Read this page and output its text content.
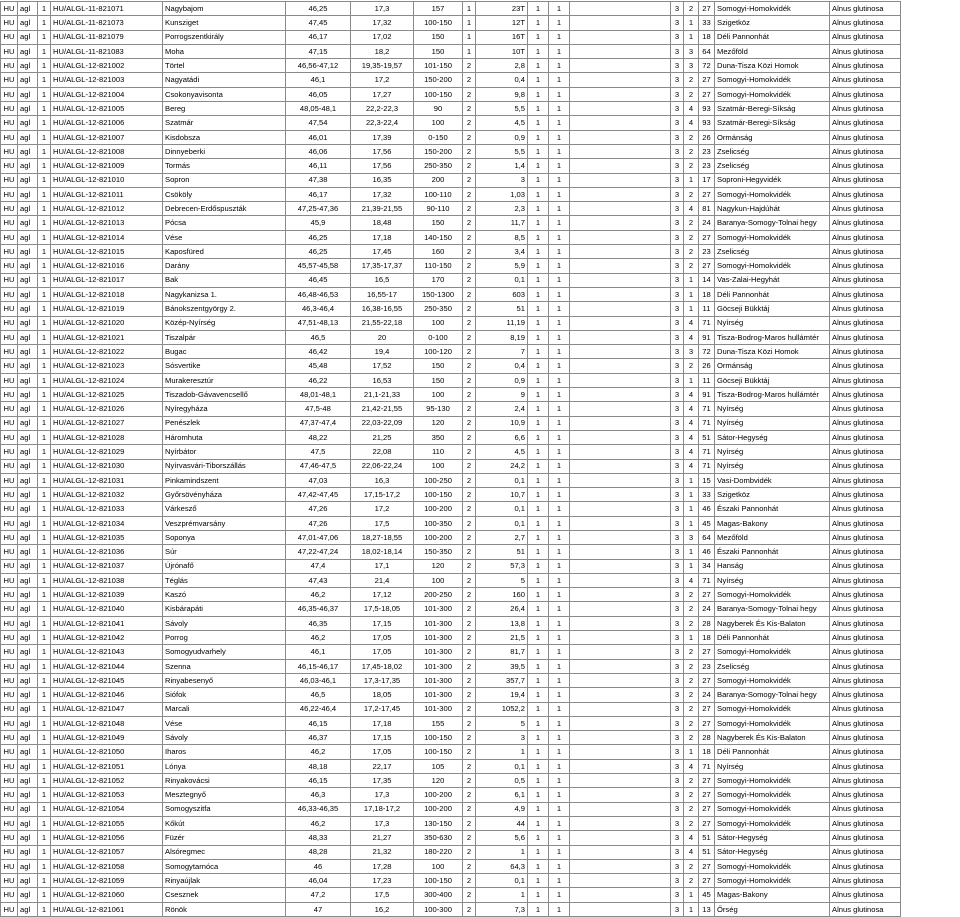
HU	agl	1	HU/ALGL-11-821071	Nagybajom	46,25	17,3	157	1	23T	1	1		3	2	27	Somogyi-Homokvidék	Alnus glutinosa
HU	agl	1	HU/ALGL-11-821073	Kunsziget	47,45	17,32	100-150	1	12T	1	1		3	1	33	Szigetköz	Alnus glutinosa
HU	agl	1	HU/ALGL-11-821079	Porrogszentkirály	46,17	17,02	150	1	16T	1	1		3	1	18	Déli Pannonhát	Alnus glutinosa
HU	agl	1	HU/ALGL-11-821083	Moha	47,15	18,2	150	1	10T	1	1		3	3	64	Mezőföld	Alnus glutinosa
HU	agl	1	HU/ALGL-12-821002	Törtel	46,56-47,12	19,35-19,57	101-150	2	2,8	1	1		3	3	72	Duna-Tisza Közi Homok	Alnus glutinosa
HU	agl	1	HU/ALGL-12-821003	Nagyatádi	46,1	17,2	150-200	2	0,4	1	1		3	2	27	Somogyi-Homokvidék	Alnus glutinosa
HU	agl	1	HU/ALGL-12-821004	Csokonyavisonta	46,05	17,27	100-150	2	9,8	1	1		3	2	27	Somogyi-Homokvidék	Alnus glutinosa
HU	agl	1	HU/ALGL-12-821005	Bereg	48,05-48,1	22,2-22,3	90	2	5,5	1	1		3	4	93	Szatmár-Beregi-Síkság	Alnus glutinosa
HU	agl	1	HU/ALGL-12-821006	Szatmár	47,54	22,3-22,4	100	2	4,5	1	1		3	4	93	Szatmár-Beregi-Síkság	Alnus glutinosa
HU	agl	1	HU/ALGL-12-821007	Kisdobsza	46,01	17,39	0-150	2	0,9	1	1		3	2	26	Ormánság	Alnus glutinosa
HU	agl	1	HU/ALGL-12-821008	Dinnyeberki	46,06	17,56	150-200	2	5,5	1	1		3	2	23	Zselicség	Alnus glutinosa
HU	agl	1	HU/ALGL-12-821009	Tormás	46,11	17,56	250-350	2	1,4	1	1		3	2	23	Zselicség	Alnus glutinosa
HU	agl	1	HU/ALGL-12-821010	Sopron	47,38	16,35	200	2	3	1	1		3	1	17	Soproni-Hegyvidék	Alnus glutinosa
HU	agl	1	HU/ALGL-12-821011	Csököly	46,17	17,32	100-110	2	1,03	1	1		3	2	27	Somogyi-Homokvidék	Alnus glutinosa
HU	agl	1	HU/ALGL-12-821012	Debrecen-Erdőspuszták	47,25-47,36	21,39-21,55	90-110	2	2,3	1	1		3	4	81	Nagykun-Hajdúhát	Alnus glutinosa
HU	agl	1	HU/ALGL-12-821013	Pócsa	45,9	18,48	150	2	11,7	1	1		3	2	24	Baranya-Somogy-Tolnai hegy	Alnus glutinosa
HU	agl	1	HU/ALGL-12-821014	Vése	46,25	17,18	140-150	2	8,5	1	1		3	2	27	Somogyi-Homokvidék	Alnus glutinosa
HU	agl	1	HU/ALGL-12-821015	Kaposfüred	46,25	17,45	160	2	3,4	1	1		3	2	23	Zselicség	Alnus glutinosa
HU	agl	1	HU/ALGL-12-821016	Darány	45,57-45,58	17,35-17,37	110-150	2	5,9	1	1		3	2	27	Somogyi-Homokvidék	Alnus glutinosa
HU	agl	1	HU/ALGL-12-821017	Bak	46,45	16,5	170	2	0,1	1	1		3	1	14	Vas-Zalai-Hegyhát	Alnus glutinosa
HU	agl	1	HU/ALGL-12-821018	Nagykanizsa 1.	46,48-46,53	16,55-17	150-1300	2	603	1	1		3	1	18	Déli Pannonhát	Alnus glutinosa
HU	agl	1	HU/ALGL-12-821019	Bánokszentgyörgy 2.	46,3-46,4	16,38-16,55	250-350	2	51	1	1		3	1	11	Göcseji Bükktáj	Alnus glutinosa
HU	agl	1	HU/ALGL-12-821020	Közép-Nyírség	47,51-48,13	21,55-22,18	100	2	11,19	1	1		3	4	71	Nyírség	Alnus glutinosa
HU	agl	1	HU/ALGL-12-821021	Tiszalpár	46,5	20	0-100	2	8,19	1	1		3	4	91	Tisza-Bodrog-Maros hullámtér	Alnus glutinosa
HU	agl	1	HU/ALGL-12-821022	Bugac	46,42	19,4	100-120	2	7	1	1		3	3	72	Duna-Tisza Közi Homok	Alnus glutinosa
HU	agl	1	HU/ALGL-12-821023	Sósvertike	45,48	17,52	150	2	0,4	1	1		3	2	26	Ormánság	Alnus glutinosa
HU	agl	1	HU/ALGL-12-821024	Murakeresztúr	46,22	16,53	150	2	0,9	1	1		3	1	11	Göcseji Bükktáj	Alnus glutinosa
HU	agl	1	HU/ALGL-12-821025	Tiszadob-Gávavencsellő	48,01-48,1	21,1-21,33	100	2	9	1	1		3	4	91	Tisza-Bodrog-Maros hullámtér	Alnus glutinosa
HU	agl	1	HU/ALGL-12-821026	Nyíregyháza	47,5-48	21,42-21,55	95-130	2	2,4	1	1		3	4	71	Nyírség	Alnus glutinosa
HU	agl	1	HU/ALGL-12-821027	Penészlek	47,37-47,4	22,03-22,09	120	2	10,9	1	1		3	4	71	Nyírség	Alnus glutinosa
HU	agl	1	HU/ALGL-12-821028	Háromhuta	48,22	21,25	350	2	6,6	1	1		3	4	51	Sátor-Hegység	Alnus glutinosa
HU	agl	1	HU/ALGL-12-821029	Nyírbátor	47,5	22,08	110	2	4,5	1	1		3	4	71	Nyírség	Alnus glutinosa
HU	agl	1	HU/ALGL-12-821030	Nyírvasvári-Tiborszállás	47,46-47,5	22,06-22,24	100	2	24,2	1	1		3	4	71	Nyírség	Alnus glutinosa
HU	agl	1	HU/ALGL-12-821031	Pinkamindszent	47,03	16,3	100-250	2	0,1	1	1		3	1	15	Vasi-Dombvidék	Alnus glutinosa
HU	agl	1	HU/ALGL-12-821032	Győrsövényháza	47,42-47,45	17,15-17,2	100-150	2	10,7	1	1		3	1	33	Szigetköz	Alnus glutinosa
HU	agl	1	HU/ALGL-12-821033	Várkesző	47,26	17,2	100-200	2	0,1	1	1		3	1	46	Északi Pannonhát	Alnus glutinosa
HU	agl	1	HU/ALGL-12-821034	Veszprémvarsány	47,26	17,5	100-350	2	0,1	1	1		3	1	45	Magas-Bakony	Alnus glutinosa
HU	agl	1	HU/ALGL-12-821035	Soponya	47,01-47,06	18,27-18,55	100-200	2	2,7	1	1		3	3	64	Mezőföld	Alnus glutinosa
HU	agl	1	HU/ALGL-12-821036	Súr	47,22-47,24	18,02-18,14	150-350	2	51	1	1		3	1	46	Északi Pannonhát	Alnus glutinosa
HU	agl	1	HU/ALGL-12-821037	Újrónafő	47,4	17,1	120	2	57,3	1	1		3	1	34	Hanság	Alnus glutinosa
HU	agl	1	HU/ALGL-12-821038	Téglás	47,43	21,4	100	2	5	1	1		3	4	71	Nyírség	Alnus glutinosa
HU	agl	1	HU/ALGL-12-821039	Kaszó	46,2	17,12	200-250	2	160	1	1		3	2	27	Somogyi-Homokvidék	Alnus glutinosa
HU	agl	1	HU/ALGL-12-821040	Kisbárapáti	46,35-46,37	17,5-18,05	101-300	2	26,4	1	1		3	2	24	Baranya-Somogy-Tolnai hegy	Alnus glutinosa
HU	agl	1	HU/ALGL-12-821041	Sávoly	46,35	17,15	101-300	2	13,8	1	1		3	2	28	Nagyberek És Kis-Balaton	Alnus glutinosa
HU	agl	1	HU/ALGL-12-821042	Porrog	46,2	17,05	101-300	2	21,5	1	1		3	1	18	Déli Pannonhát	Alnus glutinosa
HU	agl	1	HU/ALGL-12-821043	Somogyudvarhely	46,1	17,05	101-300	2	81,7	1	1		3	2	27	Somogyi-Homokvidék	Alnus glutinosa
HU	agl	1	HU/ALGL-12-821044	Szenna	46,15-46,17	17,45-18,02	101-300	2	39,5	1	1		3	2	23	Zselicség	Alnus glutinosa
HU	agl	1	HU/ALGL-12-821045	Rinyabesenyő	46,03-46,1	17,3-17,35	101-300	2	357,7	1	1		3	2	27	Somogyi-Homokvidék	Alnus glutinosa
HU	agl	1	HU/ALGL-12-821046	Siófok	46,5	18,05	101-300	2	19,4	1	1		3	2	24	Baranya-Somogy-Tolnai hegy	Alnus glutinosa
HU	agl	1	HU/ALGL-12-821047	Marcali	46,22-46,4	17,2-17,45	101-300	2	1052,2	1	1		3	2	27	Somogyi-Homokvidék	Alnus glutinosa
HU	agl	1	HU/ALGL-12-821048	Vése	46,15	17,18	155	2	5	1	1		3	2	27	Somogyi-Homokvidék	Alnus glutinosa
HU	agl	1	HU/ALGL-12-821049	Sávoly	46,37	17,15	100-150	2	3	1	1		3	2	28	Nagyberek És Kis-Balaton	Alnus glutinosa
HU	agl	1	HU/ALGL-12-821050	Iharos	46,2	17,05	100-150	2	1	1	1		3	1	18	Déli Pannonhát	Alnus glutinosa
HU	agl	1	HU/ALGL-12-821051	Lónya	48,18	22,17	105	2	0,1	1	1		3	4	71	Nyírség	Alnus glutinosa
HU	agl	1	HU/ALGL-12-821052	Rinyakovácsi	46,15	17,35	120	2	0,5	1	1		3	2	27	Somogyi-Homokvidék	Alnus glutinosa
HU	agl	1	HU/ALGL-12-821053	Mesztegnyő	46,3	17,3	100-200	2	6,1	1	1		3	2	27	Somogyi-Homokvidék	Alnus glutinosa
HU	agl	1	HU/ALGL-12-821054	Somogyszitfa	46,33-46,35	17,18-17,2	100-200	2	4,9	1	1		3	2	27	Somogyi-Homokvidék	Alnus glutinosa
HU	agl	1	HU/ALGL-12-821055	Kőkút	46,2	17,3	130-150	2	44	1	1		3	2	27	Somogyi-Homokvidék	Alnus glutinosa
HU	agl	1	HU/ALGL-12-821056	Füzér	48,33	21,27	350-630	2	5,6	1	1		3	4	51	Sátor-Hegység	Alnus glutinosa
HU	agl	1	HU/ALGL-12-821057	Alsóregmec	48,28	21,32	180-220	2	1	1	1		3	4	51	Sátor-Hegység	Alnus glutinosa
HU	agl	1	HU/ALGL-12-821058	Somogytarnóca	46	17,28	100	2	64,3	1	1		3	2	27	Somogyi-Homokvidék	Alnus glutinosa
HU	agl	1	HU/ALGL-12-821059	Rinyaújlak	46,04	17,23	100-150	2	0,1	1	1		3	2	27	Somogyi-Homokvidék	Alnus glutinosa
HU	agl	1	HU/ALGL-12-821060	Csesznek	47,2	17,5	300-400	2	1	1	1		3	1	45	Magas-Bakony	Alnus glutinosa
HU	agl	1	HU/ALGL-12-821061	Rönök	47	16,2	100-300	2	7,3	1	1		3	1	13	Őrség	Alnus glutinosa
